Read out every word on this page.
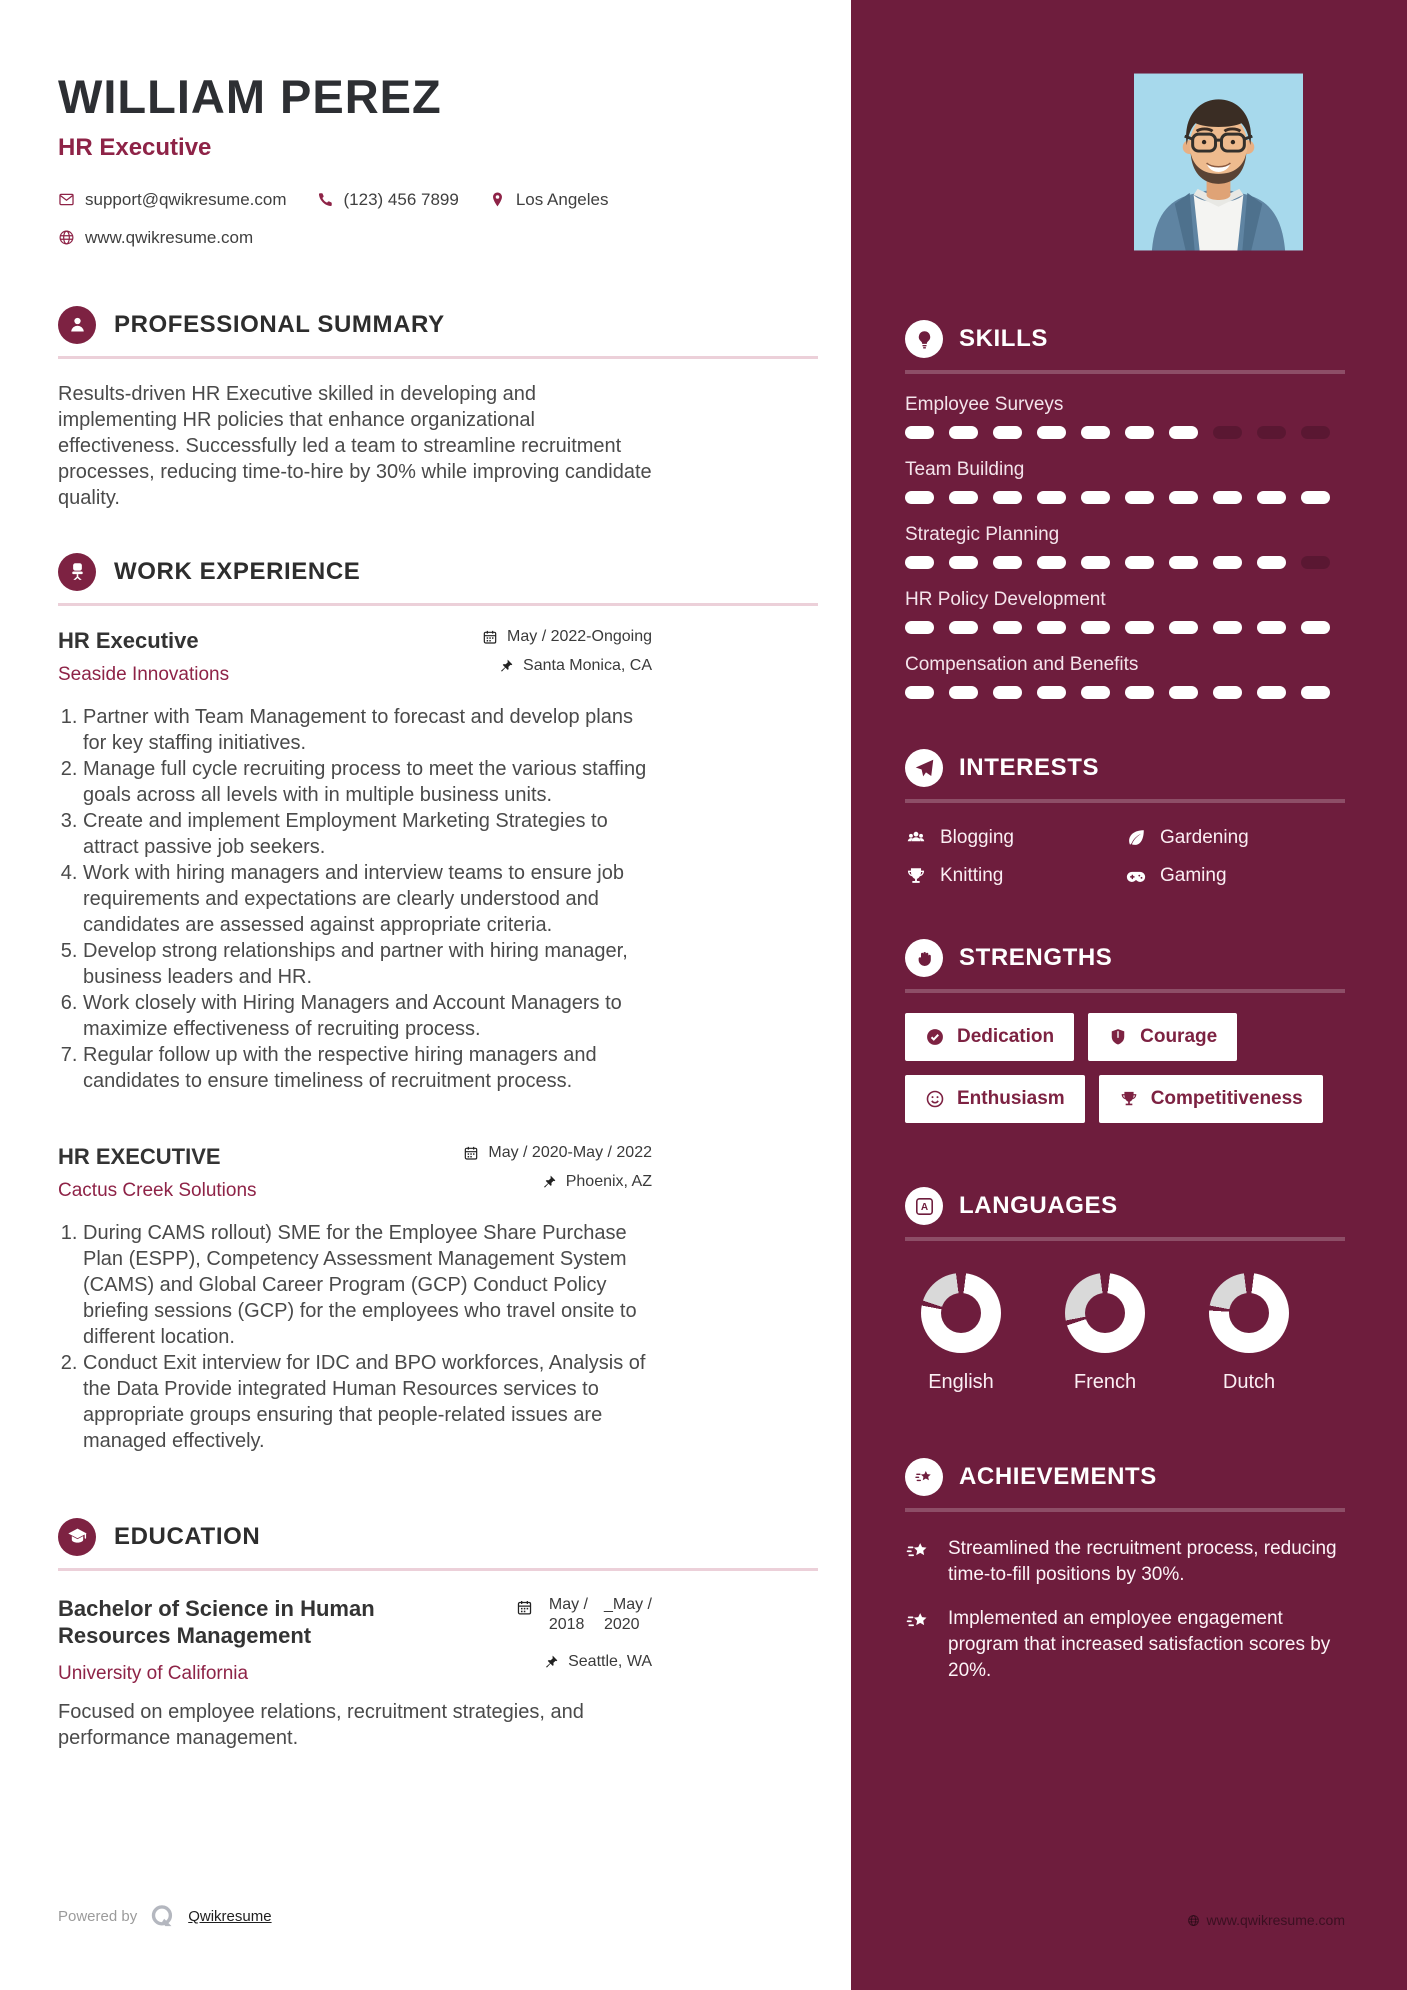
WILLIAM PEREZ
HR Executive
support@qwikresume.com	(123) 456 7899	Los Angeles
www.qwikresume.com
PROFESSIONAL SUMMARY

Results-driven HR Executive skilled in developing and implementing HR policies that enhance organizational effectiveness. Successfully led a team to streamline recruitment processes, reducing time-to-hire by 30% while improving candidate quality.

WORK EXPERIENCE
HR Executive
Seaside Innovations
May / 2022-Ongoing
Santa Monica, CA
1. Partner with Team Management to forecast and develop plans for key staffing initiatives.
2. Manage full cycle recruiting process to meet the various staffing goals across all levels with in multiple business units.
3. Create and implement Employment Marketing Strategies to attract passive job seekers.
4. Work with hiring managers and interview teams to ensure job requirements and expectations are clearly understood and candidates are assessed against appropriate criteria.
5. Develop strong relationships and partner with hiring manager, business leaders and HR.
6. Work closely with Hiring Managers and Account Managers to maximize effectiveness of recruiting process.
7. Regular follow up with the respective hiring managers and candidates to ensure timeliness of recruitment process.
HR EXECUTIVE
Cactus Creek Solutions
May / 2020-May / 2022
Phoenix, AZ
1. During CAMS rollout) SME for the Employee Share Purchase Plan (ESPP), Competency Assessment Management System (CAMS) and Global Career Program (GCP) Conduct Policy briefing sessions (GCP) for the employees who travel onsite to different location.
2. Conduct Exit interview for IDC and BPO workforces, Analysis of the Data Provide integrated Human Resources services to appropriate groups ensuring that people-related issues are managed effectively.
EDUCATION
Bachelor of Science in Human Resources Management
University of California
May /
2018
_May /
2020
Seattle, WA

Focused on employee relations, recruitment strategies, and performance management.

Powered by	Qwikresume
SKILLS
Employee Surveys
Team Building
Strategic Planning
HR Policy Development
Compensation and Benefits
INTERESTS
Blogging	Gardening
Knitting	Gaming
STRENGTHS
Dedication	Courage
Enthusiasm	Competitiveness
A LANGUAGES
English	French	Dutch
ACHIEVEMENTS
Streamlined the recruitment process, reducing time-to-fill positions by 30%.
Implemented an employee engagement program that increased satisfaction scores by 20%.
www.qwikresume.com
